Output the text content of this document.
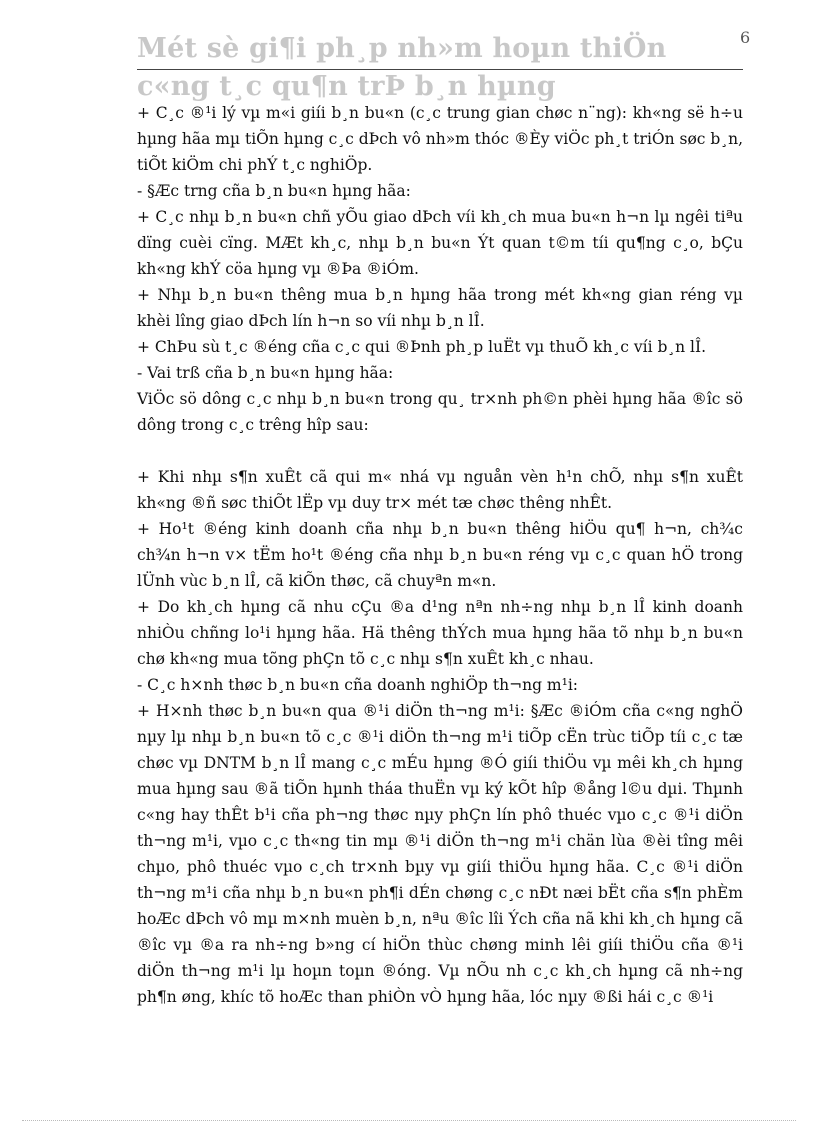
6
Mét sè gi¶i ph¸p nh»m hoµn thiÖn c«ng t¸c qu¶n trÞ b¸n hµng

+ C¸c ®¹i lý vµ m«i giíi b¸n bu«n (c¸c trung gian chøc n¨ng): kh«ng së h÷u hµng hãa mµ tiÕn hµng c¸c dÞch vô nh»m thóc ®Èy viÖc ph¸t triÓn søc b¸n, tiÕt kiÖm chi phÝ t¸c nghiÖp.

- §Æc trng cña b¸n bu«n hµng hãa:

+ C¸c nhµ b¸n bu«n chñ yÕu giao dÞch víi kh¸ch mua bu«n h¬n lµ ngêi tiªu dïng cuèi cïng. MÆt kh¸c, nhµ b¸n bu«n Ýt quan t©m tíi qu¶ng c¸o, bÇu kh«ng khÝ cöa hµng vµ ®Þa ®iÓm.

+ Nhµ b¸n bu«n thêng mua b¸n hµng hãa trong mét kh«ng gian réng vµ khèi lîng giao dÞch lín h¬n so víi nhµ b¸n lÎ.

+ ChÞu sù t¸c ®éng cña c¸c qui ®Þnh ph¸p luËt vµ thuÕ kh¸c víi b¸n lÎ.

- Vai trß cña b¸n bu«n hµng hãa:

ViÖc sö dông c¸c nhµ b¸n bu«n trong qu¸ tr×nh ph©n phèi hµng hãa ®îc sö dông trong c¸c trêng hîp sau:

+ Khi nhµ s¶n xuÊt cã qui m« nhá vµ nguån vèn h¹n chÕ, nhµ s¶n xuÊt kh«ng ®ñ søc thiÕt lËp vµ duy tr× mét tæ chøc thêng nhÊt.

+ Ho¹t ®éng kinh doanh cña nhµ b¸n bu«n thêng hiÖu qu¶ h¬n, ch¾c ch¾n h¬n v× tËm ho¹t ®éng cña nhµ b¸n bu«n réng vµ c¸c quan hÖ trong lÜnh vùc b¸n lÎ, cã kiÕn thøc, cã chuyªn m«n.

+ Do kh¸ch hµng cã nhu cÇu ®a d¹ng nªn nh÷ng nhµ b¸n lÎ kinh doanh nhiÒu chñng lo¹i hµng hãa. Hä thêng thÝch mua hµng hãa tõ nhµ b¸n bu«n chø kh«ng mua tõng phÇn tõ c¸c nhµ s¶n xuÊt kh¸c nhau.

- C¸c h×nh thøc b¸n bu«n cña doanh nghiÖp th¬ng m¹i:

+ H×nh thøc b¸n bu«n qua ®¹i diÖn th¬ng m¹i: §Æc ®iÓm cña c«ng nghÖ nµy lµ nhµ b¸n bu«n tõ c¸c ®¹i diÖn th¬ng m¹i tiÕp cËn trùc tiÕp tíi c¸c tæ chøc vµ DNTM b¸n lÎ mang c¸c mÉu hµng ®Ó giíi thiÖu vµ mêi kh¸ch hµng mua hµng sau ®ã tiÕn hµnh tháa thuËn vµ ký kÕt hîp ®ång l©u dµi. Thµnh c«ng hay thÊt b¹i cña ph¬ng thøc nµy phÇn lín phô thuéc vµo c¸c ®¹i diÖn th¬ng m¹i, vµo c¸c th«ng tin mµ ®¹i diÖn th¬ng m¹i chän lùa ®èi tîng mêi chµo, phô thuéc vµo c¸ch tr×nh bµy vµ giíi thiÖu hµng hãa. C¸c ®¹i diÖn th¬ng m¹i cña nhµ b¸n bu«n ph¶i dÉn chøng c¸c nÐt næi bËt cña s¶n phÈm hoÆc dÞch vô mµ m×nh muèn b¸n, nªu ®îc lîi Ých cña nã khi kh¸ch hµng cã ®îc vµ ®a ra nh÷ng b»ng cí hiÖn thùc chøng minh lêi giíi thiÖu cña ®¹i diÖn th¬ng m¹i lµ hoµn toµn ®óng. Vµ nÕu nh c¸c kh¸ch hµng cã nh÷ng ph¶n øng, khíc tõ hoÆc than phiÒn vÒ hµng hãa, lóc nµy ®ßi hái c¸c ®¹i
